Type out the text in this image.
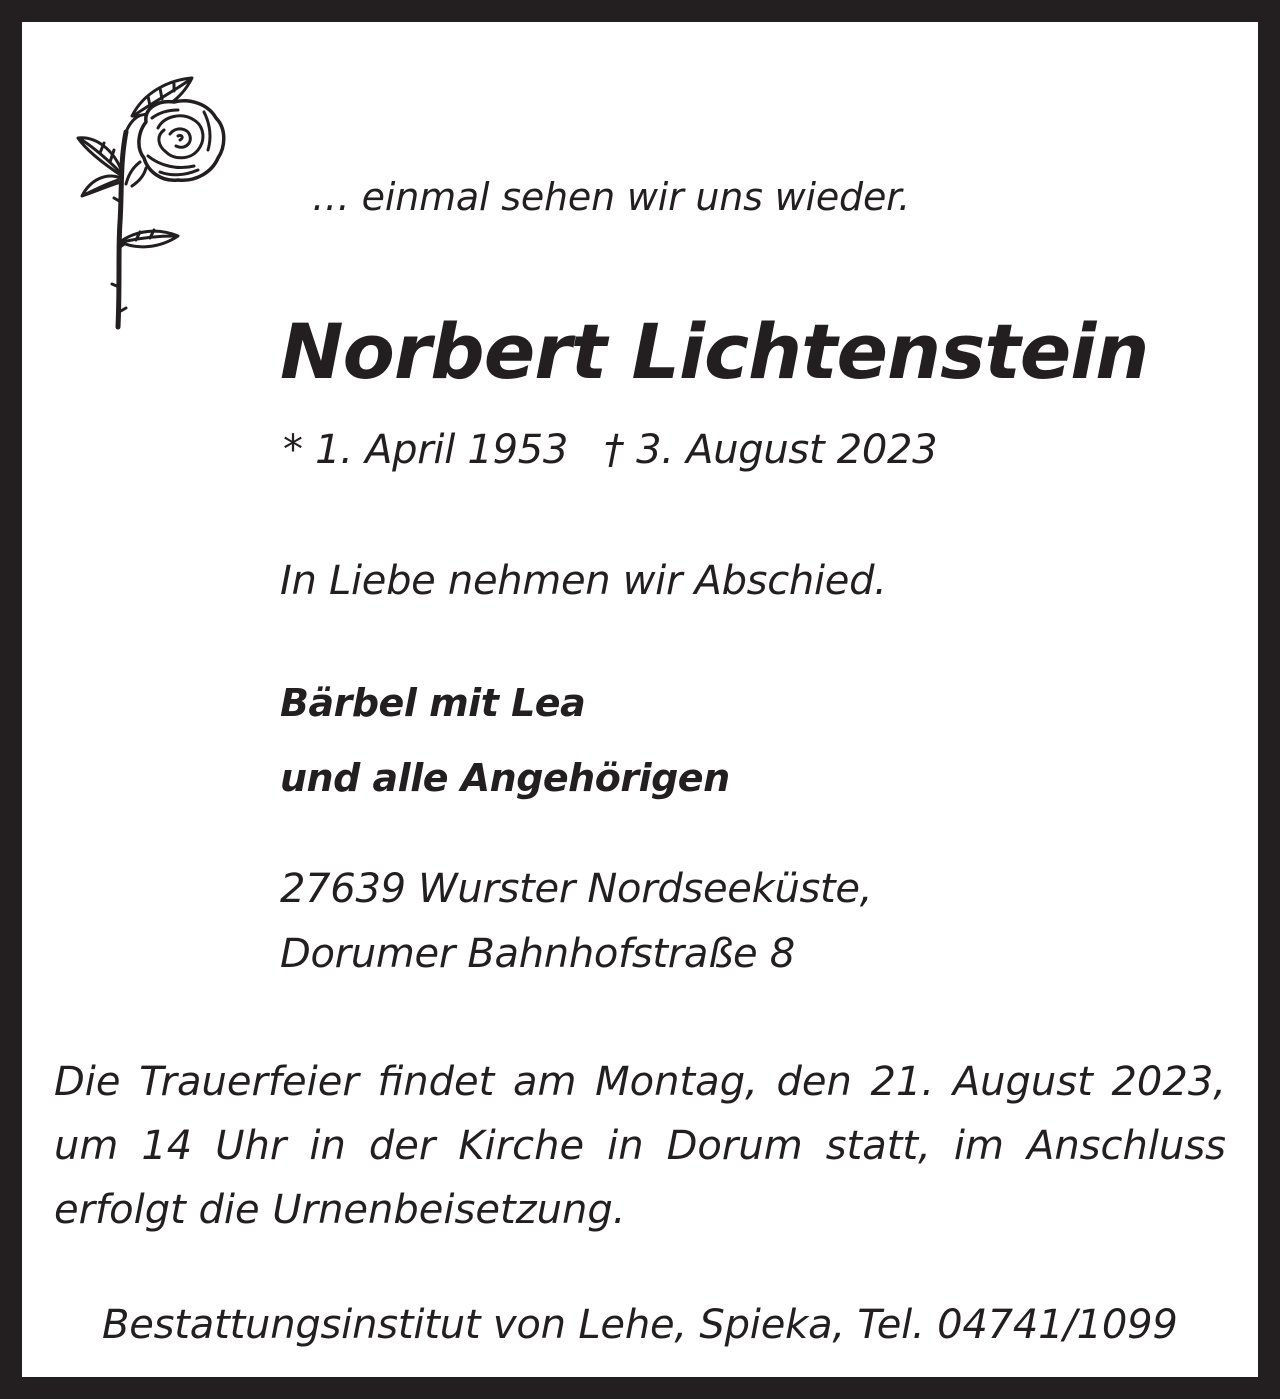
… einmal sehen wir uns wieder.

Norbert Lichtenstein

* 1. April 1953 † 3. August 2023

In Liebe nehmen wir Abschied.

Bärbel mit Lea

und alle Angehörigen

27639 Wurster Nordseeküste,

Dorumer Bahnhofstraße 8

Die Trauerfeier findet am Montag, den 21. August 2023,
um 14 Uhr in der Kirche in Dorum statt, im Anschluss
erfolgt die Urnenbeisetzung.

Bestattungsinstitut von Lehe, Spieka, Tel. 04741/1099
